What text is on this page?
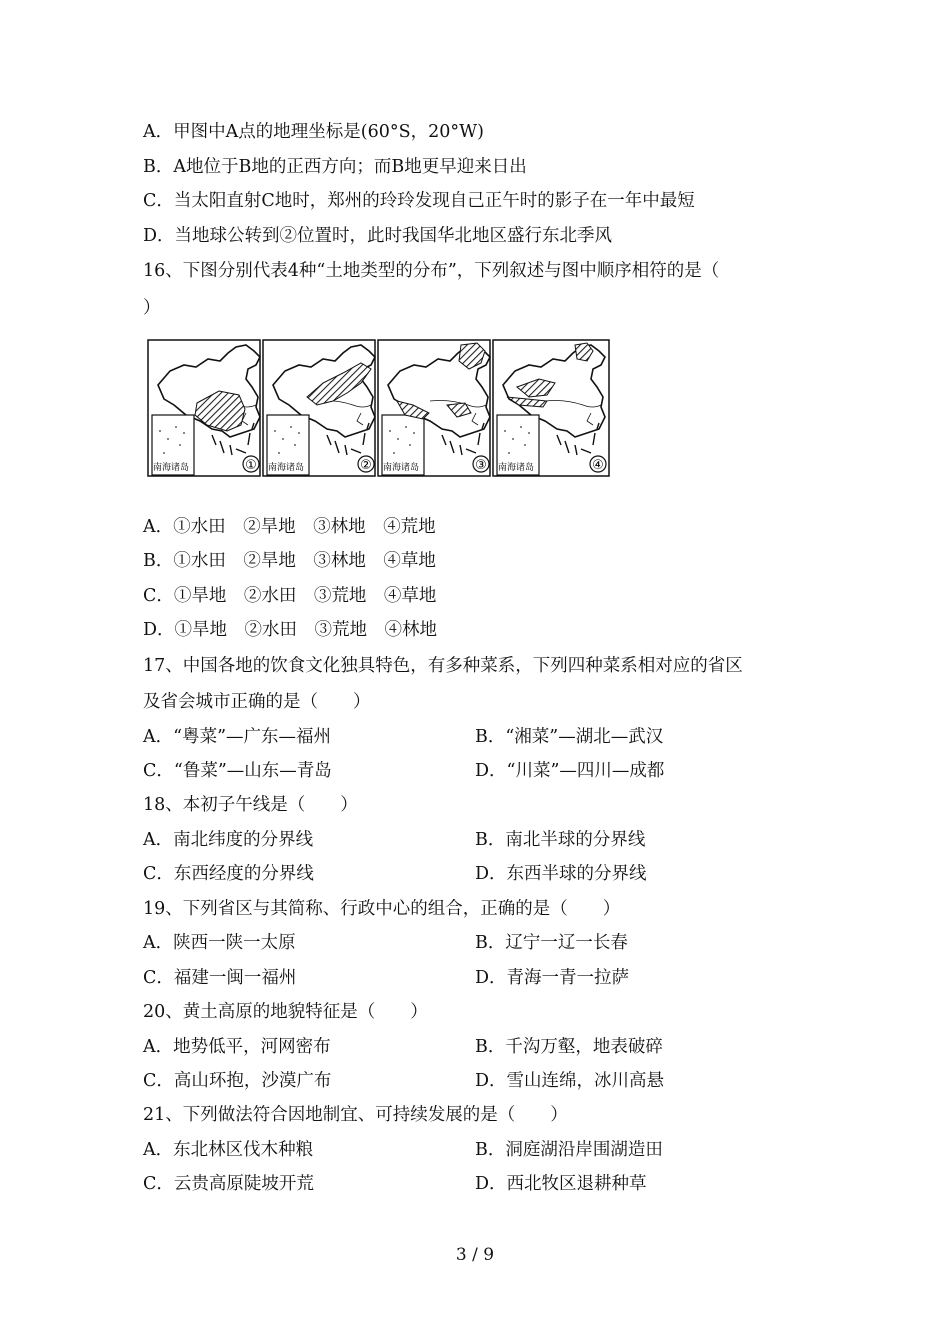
A．甲图中A点的地理坐标是(60°S，20°W)
B．A地位于B地的正西方向；而B地更早迎来日出
C．当太阳直射C地时，郑州的玲玲发现自己正午时的影子在一年中最短
D．当地球公转到②位置时，此时我国华北地区盛行东北季风
16、下图分别代表4种“土地类型的分布”，下列叙述与图中顺序相符的是（
）
南海诸岛	① 南海诸岛	② 南海诸岛	③ 南海诸岛	④
A．①水田　②旱地　③林地　④荒地
B．①水田　②旱地　③林地　④草地
C．①旱地　②水田　③荒地　④草地
D．①旱地　②水田　③荒地　④林地
17、中国各地的饮食文化独具特色，有多种菜系，下列四种菜系相对应的省区
及省会城市正确的是（　　）
A．“粤菜”—广东—福州	B．“湘菜”—湖北—武汉
C．“鲁菜”—山东—青岛	D．“川菜”—四川—成都
18、本初子午线是（　　）
A．南北纬度的分界线	B．南北半球的分界线
C．东西经度的分界线	D．东西半球的分界线
19、下列省区与其简称、行政中心的组合，正确的是（　　）
A．陕西一陕一太原	B．辽宁一辽一长春
C．福建一闽一福州	D．青海一青一拉萨
20、黄土高原的地貌特征是（　　）
A．地势低平，河网密布	B．千沟万壑，地表破碎
C．高山环抱，沙漠广布	D．雪山连绵，冰川高悬
21、下列做法符合因地制宜、可持续发展的是（　　）
A．东北林区伐木种粮	B．洞庭湖沿岸围湖造田
C．云贵高原陡坡开荒	D．西北牧区退耕种草
3 / 9
